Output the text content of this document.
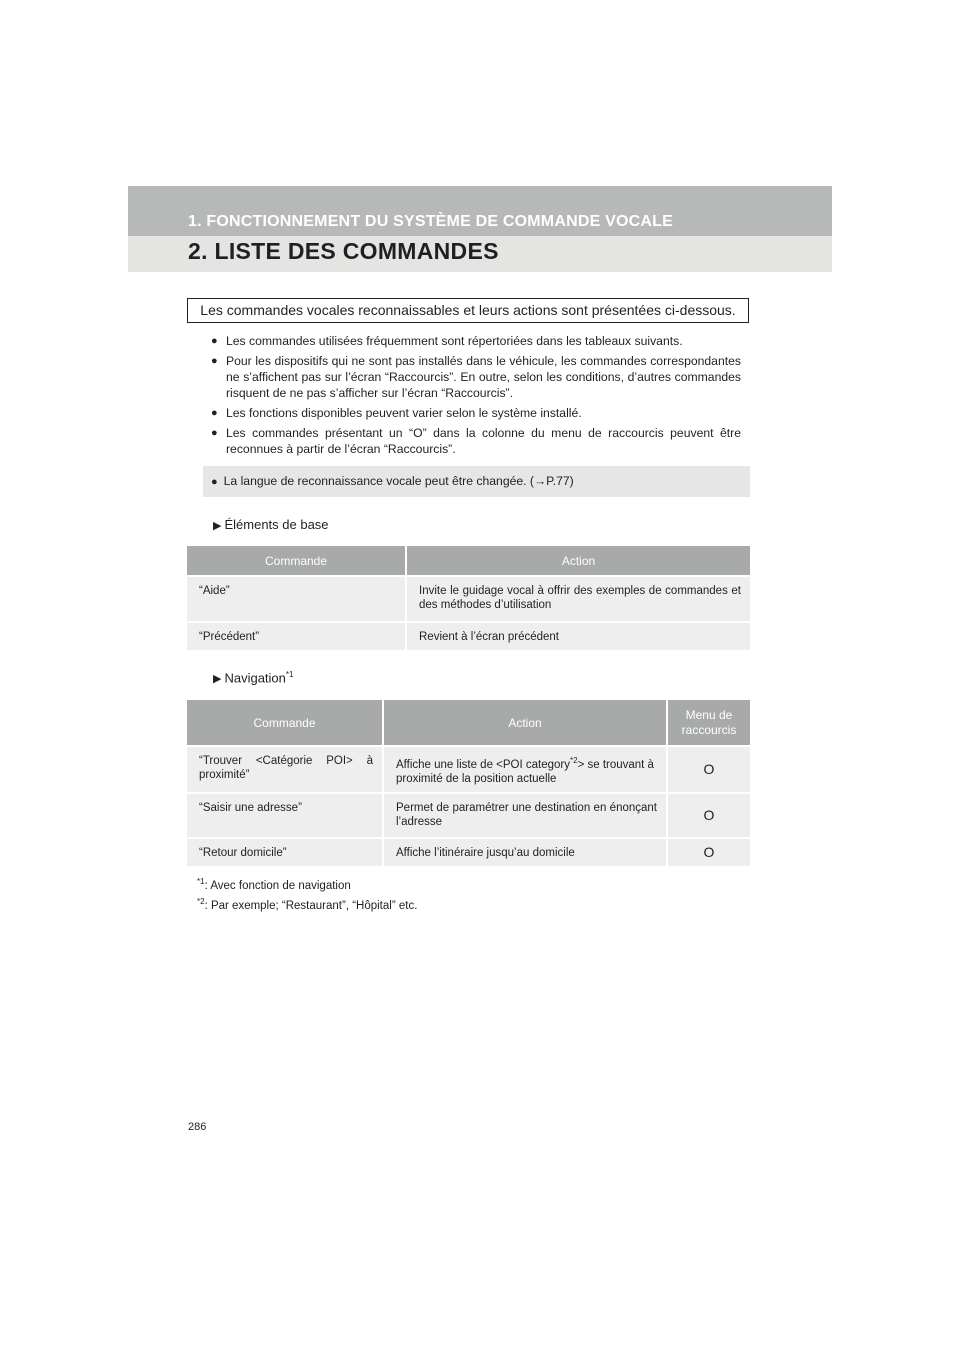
1. FONCTIONNEMENT DU SYSTÈME DE COMMANDE VOCALE
2. LISTE DES COMMANDES
Les commandes vocales reconnaissables et leurs actions sont présentées ci-dessous.
● Les commandes utilisées fréquemment sont répertoriées dans les tableaux suivants.
● Pour les dispositifs qui ne sont pas installés dans le véhicule, les commandes correspondantes ne s’affichent pas sur l’écran “Raccourcis”. En outre, selon les conditions, d’autres commandes risquent de ne pas s’afficher sur l’écran “Raccourcis”.
● Les fonctions disponibles peuvent varier selon le système installé.
● Les commandes présentant un “O” dans la colonne du menu de raccourcis peuvent être reconnues à partir de l’écran “Raccourcis”.
● La langue de reconnaissance vocale peut être changée. (→P.77)
▶ Éléments de base
Commande	Action
“Aide”	Invite le guidage vocal à offrir des exemples de commandes et des méthodes d’utilisation
“Précédent”	Revient à l’écran précédent
▶ Navigation$^{*1}$
Commande	Action	Menu de raccourcis
“Trouver <Catégorie POI> à proximité”	Affiche une liste de <POI category$^{*2}$> se trouvant à proximité de la position actuelle	O
“Saisir une adresse”	Permet de paramétrer une destination en énonçant l’adresse	O
“Retour domicile”	Affiche l’itinéraire jusqu’au domicile	O
$^{*1}$: Avec fonction de navigation
$^{*2}$: Par exemple; “Restaurant”, “Hôpital” etc.
286
